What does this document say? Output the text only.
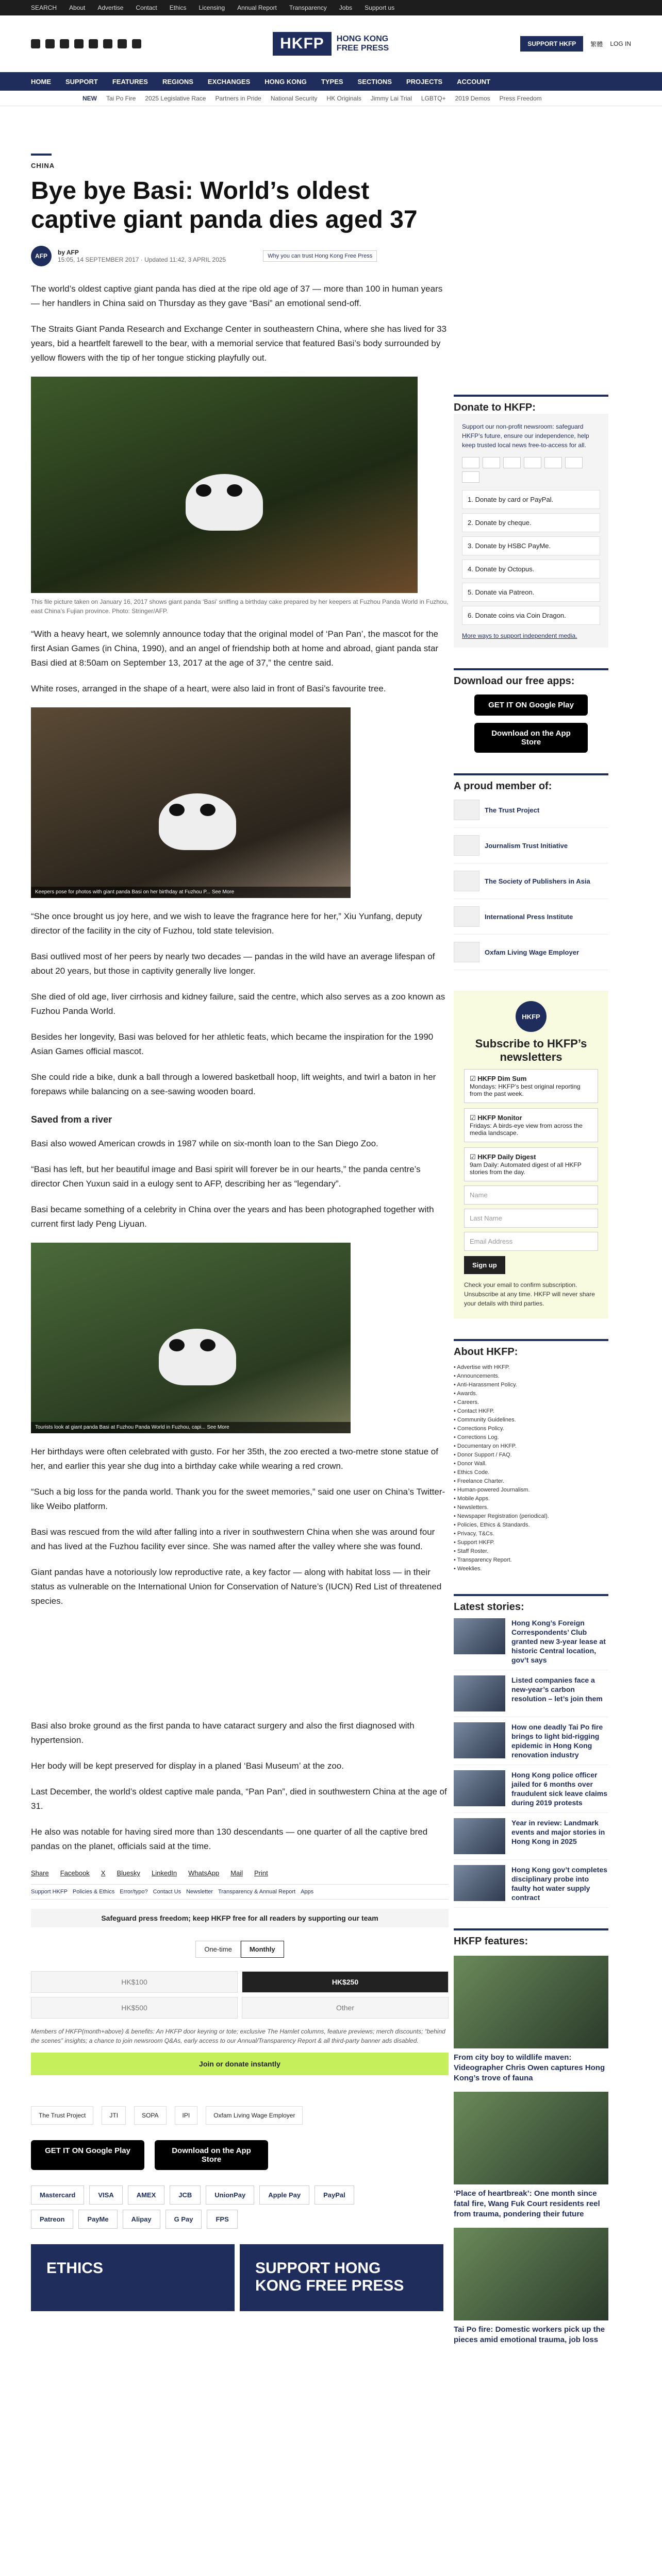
SEARCH About Advertise Contact Ethics Licensing Annual Report Transparency Jobs Support us
HKFP	HONG KONG
FREE PRESS	SUPPORT HKFP	繁體 LOG IN
HOME SUPPORT FEATURES REGIONS EXCHANGES HONG KONG TYPES SECTIONS PROJECTS ACCOUNT
NEW Tai Po Fire 2025 Legislative Race Partners in Pride National Security HK Originals Jimmy Lai Trial LGBTQ+ 2019 Demos Press Freedom
CHINA
Bye bye Basi: World’s oldest captive giant panda dies aged 37
AFP	by AFP
15:05, 14 SEPTEMBER 2017 · Updated 11:42, 3 APRIL 2025	Why you can trust Hong Kong Free Press

The world’s oldest captive giant panda has died at the ripe old age of 37 — more than 100 in human years — her handlers in China said on Thursday as they gave “Basi” an emotional send-off.

The Straits Giant Panda Research and Exchange Center in southeastern China, where she has lived for 33 years, bid a heartfelt farewell to the bear, with a memorial service that featured Basi’s body surrounded by yellow flowers with the tip of her tongue sticking playfully out.

This file picture taken on January 16, 2017 shows giant panda ‘Basi’ sniffing a birthday cake prepared by her keepers at Fuzhou Panda World in Fuzhou, east China’s Fujian province. Photo: Stringer/AFP.

“With a heavy heart, we solemnly announce today that the original model of ‘Pan Pan’, the mascot for the first Asian Games (in China, 1990), and an angel of friendship both at home and abroad, giant panda star Basi died at 8:50am on September 13, 2017 at the age of 37,” the centre said.

White roses, arranged in the shape of a heart, were also laid in front of Basi’s favourite tree.

Keepers pose for photos with giant panda Basi on her birthday at Fuzhou P... See More

“She once brought us joy here, and we wish to leave the fragrance here for her,” Xiu Yunfang, deputy director of the facility in the city of Fuzhou, told state television.

Basi outlived most of her peers by nearly two decades — pandas in the wild have an average lifespan of about 20 years, but those in captivity generally live longer.

She died of old age, liver cirrhosis and kidney failure, said the centre, which also serves as a zoo known as Fuzhou Panda World.

Besides her longevity, Basi was beloved for her athletic feats, which became the inspiration for the 1990 Asian Games official mascot.

She could ride a bike, dunk a ball through a lowered basketball hoop, lift weights, and twirl a baton in her forepaws while balancing on a see-sawing wooden board.

Saved from a river

Basi also wowed American crowds in 1987 while on six-month loan to the San Diego Zoo.

“Basi has left, but her beautiful image and Basi spirit will forever be in our hearts,” the panda centre’s director Chen Yuxun said in a eulogy sent to AFP, describing her as “legendary”.

Basi became something of a celebrity in China over the years and has been photographed together with current first lady Peng Liyuan.

Tourists look at giant panda Basi at Fuzhou Panda World in Fuzhou, capi... See More

Her birthdays were often celebrated with gusto. For her 35th, the zoo erected a two-metre stone statue of her, and earlier this year she dug into a birthday cake while wearing a red crown.

“Such a big loss for the panda world. Thank you for the sweet memories,” said one user on China’s Twitter-like Weibo platform.

Basi was rescued from the wild after falling into a river in southwestern China when she was around four and has lived at the Fuzhou facility ever since. She was named after the valley where she was found.

Giant pandas have a notoriously low reproductive rate, a key factor — along with habitat loss — in their status as vulnerable on the International Union for Conservation of Nature’s (IUCN) Red List of threatened species.

Basi also broke ground as the first panda to have cataract surgery and also the first diagnosed with hypertension.

Her body will be kept preserved for display in a planed ‘Basi Museum’ at the zoo.

Last December, the world’s oldest captive male panda, “Pan Pan”, died in southwestern China at the age of 31.

He also was notable for having sired more than 130 descendants — one quarter of all the captive bred pandas on the planet, officials said at the time.

Share Facebook X Bluesky LinkedIn WhatsApp Mail Print
Support HKFP Policies & Ethics Error/typo? Contact Us Newsletter Transparency & Annual Report Apps
Safeguard press freedom; keep HKFP free for all readers by supporting our team
One-time	Monthly
HK$100	HK$250
HK$500	Other
Members of HKFP(month+above) & benefits: An HKFP door keyring or tote; exclusive The Hamlet columns, feature previews; merch discounts; “behind the scenes” insights; a chance to join newsroom Q&As, early access to our Annual/Transparency Report & all third-party banner ads disabled.
Join or donate instantly
The Trust Project	JTI	SOPA	IPI	Oxfam Living Wage Employer
GET IT ON Google Play	Download on the App Store
Mastercard	VISA	AMEX	JCB	UnionPay	Apple Pay	PayPal
Patreon	PayMe	Alipay	G Pay	FPS
ETHICS	SUPPORT HONG KONG FREE PRESS
Donate to HKFP:

Support our non-profit newsroom: safeguard HKFP’s future, ensure our independence, help keep trusted local news free-to-access for all.

1. Donate by card or PayPal.
2. Donate by cheque.
3. Donate by HSBC PayMe.
4. Donate by Octopus.
5. Donate via Patreon.
6. Donate coins via Coin Dragon.
More ways to support independent media.
Download our free apps:
GET IT ON Google Play
Download on the App Store
A proud member of:
The Trust Project
Journalism Trust Initiative
The Society of Publishers in Asia
International Press Institute
Oxfam Living Wage Employer
HKFP
Subscribe to HKFP’s newsletters
☑ HKFP Dim Sum
Mondays: HKFP’s best original reporting from the past week.
☑ HKFP Monitor
Fridays: A birds-eye view from across the media landscape.
☑ HKFP Daily Digest
9am Daily: Automated digest of all HKFP stories from the day.
Name
Last Name
Email Address
Sign up
Check your email to confirm subscription. Unsubscribe at any time. HKFP will never share your details with third parties.
About HKFP:
• Advertise with HKFP.
• Announcements.
• Anti-Harassment Policy.
• Awards.
• Careers.
• Contact HKFP.
• Community Guidelines.
• Corrections Policy.
• Corrections Log.
• Documentary on HKFP.
• Donor Support / FAQ.
• Donor Wall.
• Ethics Code.
• Freelance Charter.
• Human-powered Journalism.
• Mobile Apps.
• Newsletters.
• Newspaper Registration (periodical).
• Policies, Ethics & Standards.
• Privacy, T&Cs.
• Support HKFP.
• Staff Roster.
• Transparency Report.
• Weeklies.
Latest stories:
Hong Kong’s Foreign Correspondents’ Club granted new 3-year lease at historic Central location, gov’t says
Listed companies face a new-year’s carbon resolution – let’s join them
How one deadly Tai Po fire brings to light bid-rigging epidemic in Hong Kong renovation industry
Hong Kong police officer jailed for 6 months over fraudulent sick leave claims during 2019 protests
Year in review: Landmark events and major stories in Hong Kong in 2025
Hong Kong gov’t completes disciplinary probe into faulty hot water supply contract
HKFP features:
From city boy to wildlife maven: Videographer Chris Owen captures Hong Kong’s trove of fauna
‘Place of heartbreak’: One month since fatal fire, Wang Fuk Court residents reel from trauma, pondering their future
Tai Po fire: Domestic workers pick up the pieces amid emotional trauma, job loss
